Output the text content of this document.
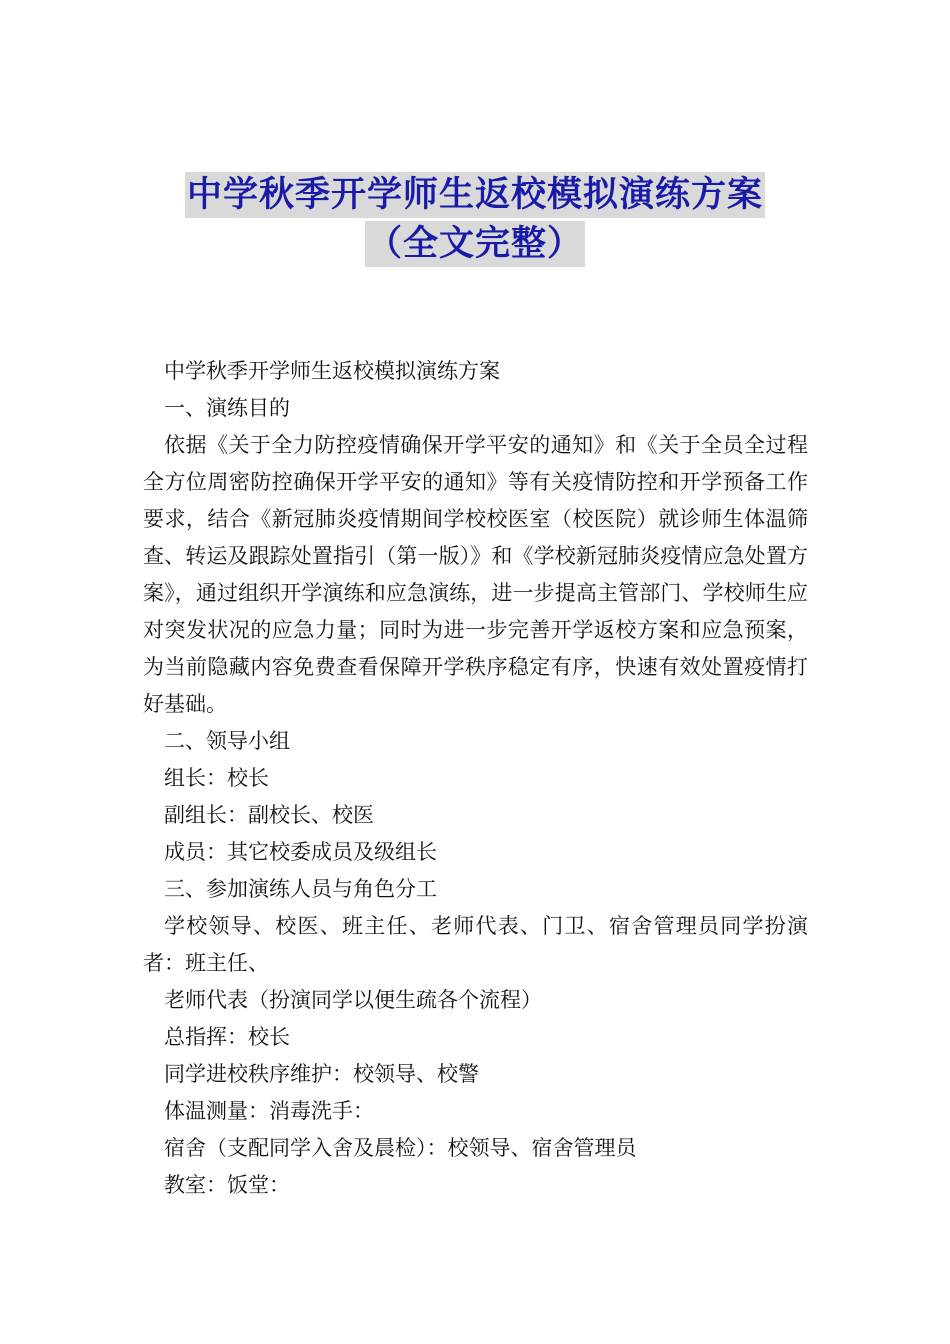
中学秋季开学师生返校模拟演练方案
（全文完整）

中学秋季开学师生返校模拟演练方案

一、演练目的

依据《关于全力防控疫情确保开学平安的通知》和《关于全员全过程全方位周密防控确保开学平安的通知》等有关疫情防控和开学预备工作要求，结合《新冠肺炎疫情期间学校校医室（校医院）就诊师生体温筛查、转运及跟踪处置指引（第一版）》和《学校新冠肺炎疫情应急处置方案》，通过组织开学演练和应急演练，进一步提高主管部门、学校师生应对突发状况的应急力量；同时为进一步完善开学返校方案和应急预案，为当前隐藏内容免费查看保障开学秩序稳定有序，快速有效处置疫情打好基础。

二、领导小组

组长：校长

副组长：副校长、校医

成员：其它校委成员及级组长

三、参加演练人员与角色分工

学校领导、校医、班主任、老师代表、门卫、宿舍管理员同学扮演者：班主任、

老师代表（扮演同学以便生疏各个流程）

总指挥：校长

同学进校秩序维护：校领导、校警

体温测量：消毒洗手：

宿舍（支配同学入舍及晨检）：校领导、宿舍管理员

教室：饭堂：
